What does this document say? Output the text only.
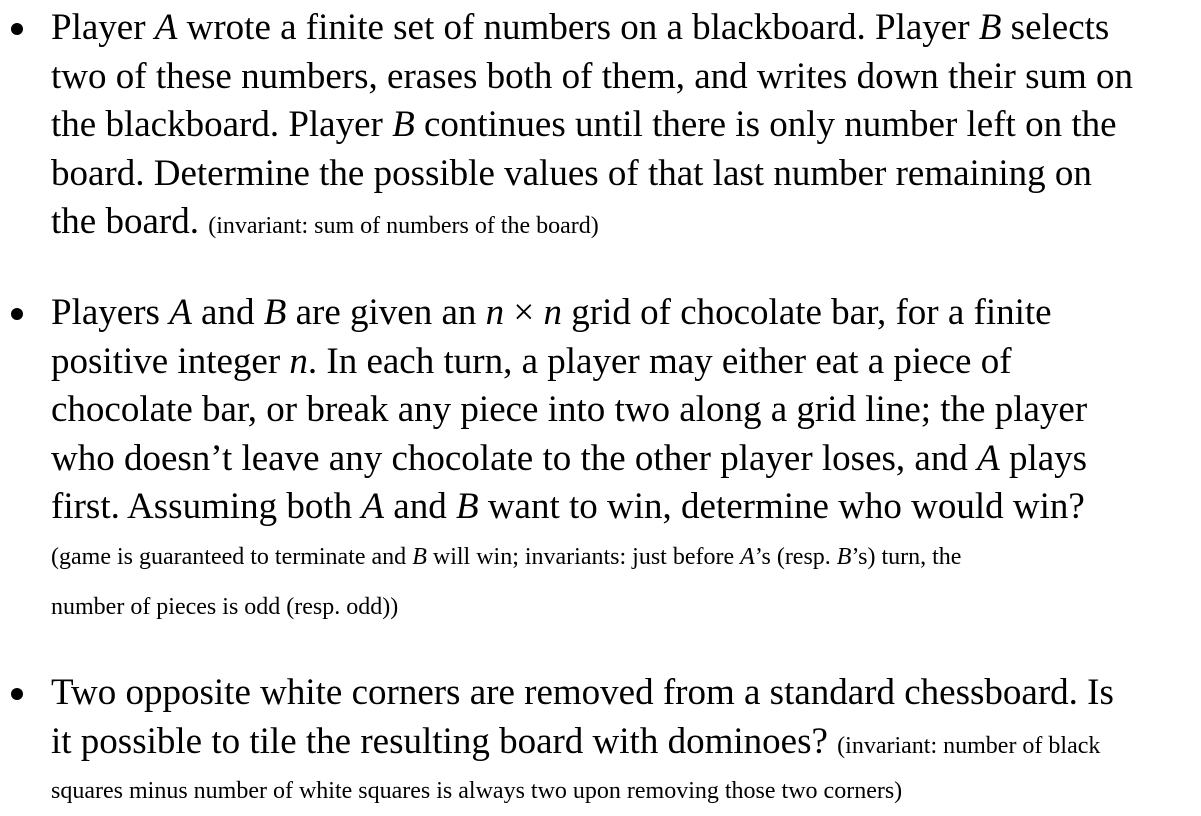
Player A wrote a finite set of numbers on a blackboard. Player B selects
two of these numbers, erases both of them, and writes down their sum on
the blackboard. Player B continues until there is only number left on the
board. Determine the possible values of that last number remaining on
the board. (invariant: sum of numbers of the board)
Players A and B are given an n × n grid of chocolate bar, for a finite
positive integer n. In each turn, a player may either eat a piece of
chocolate bar, or break any piece into two along a grid line; the player
who doesn’t leave any chocolate to the other player loses, and A plays
first. Assuming both A and B want to win, determine who would win?
(game is guaranteed to terminate and B will win; invariants: just before A’s (resp. B’s) turn, the
number of pieces is odd (resp. odd))
Two opposite white corners are removed from a standard chessboard. Is
it possible to tile the resulting board with dominoes? (invariant: number of black
squares minus number of white squares is always two upon removing those two corners)
